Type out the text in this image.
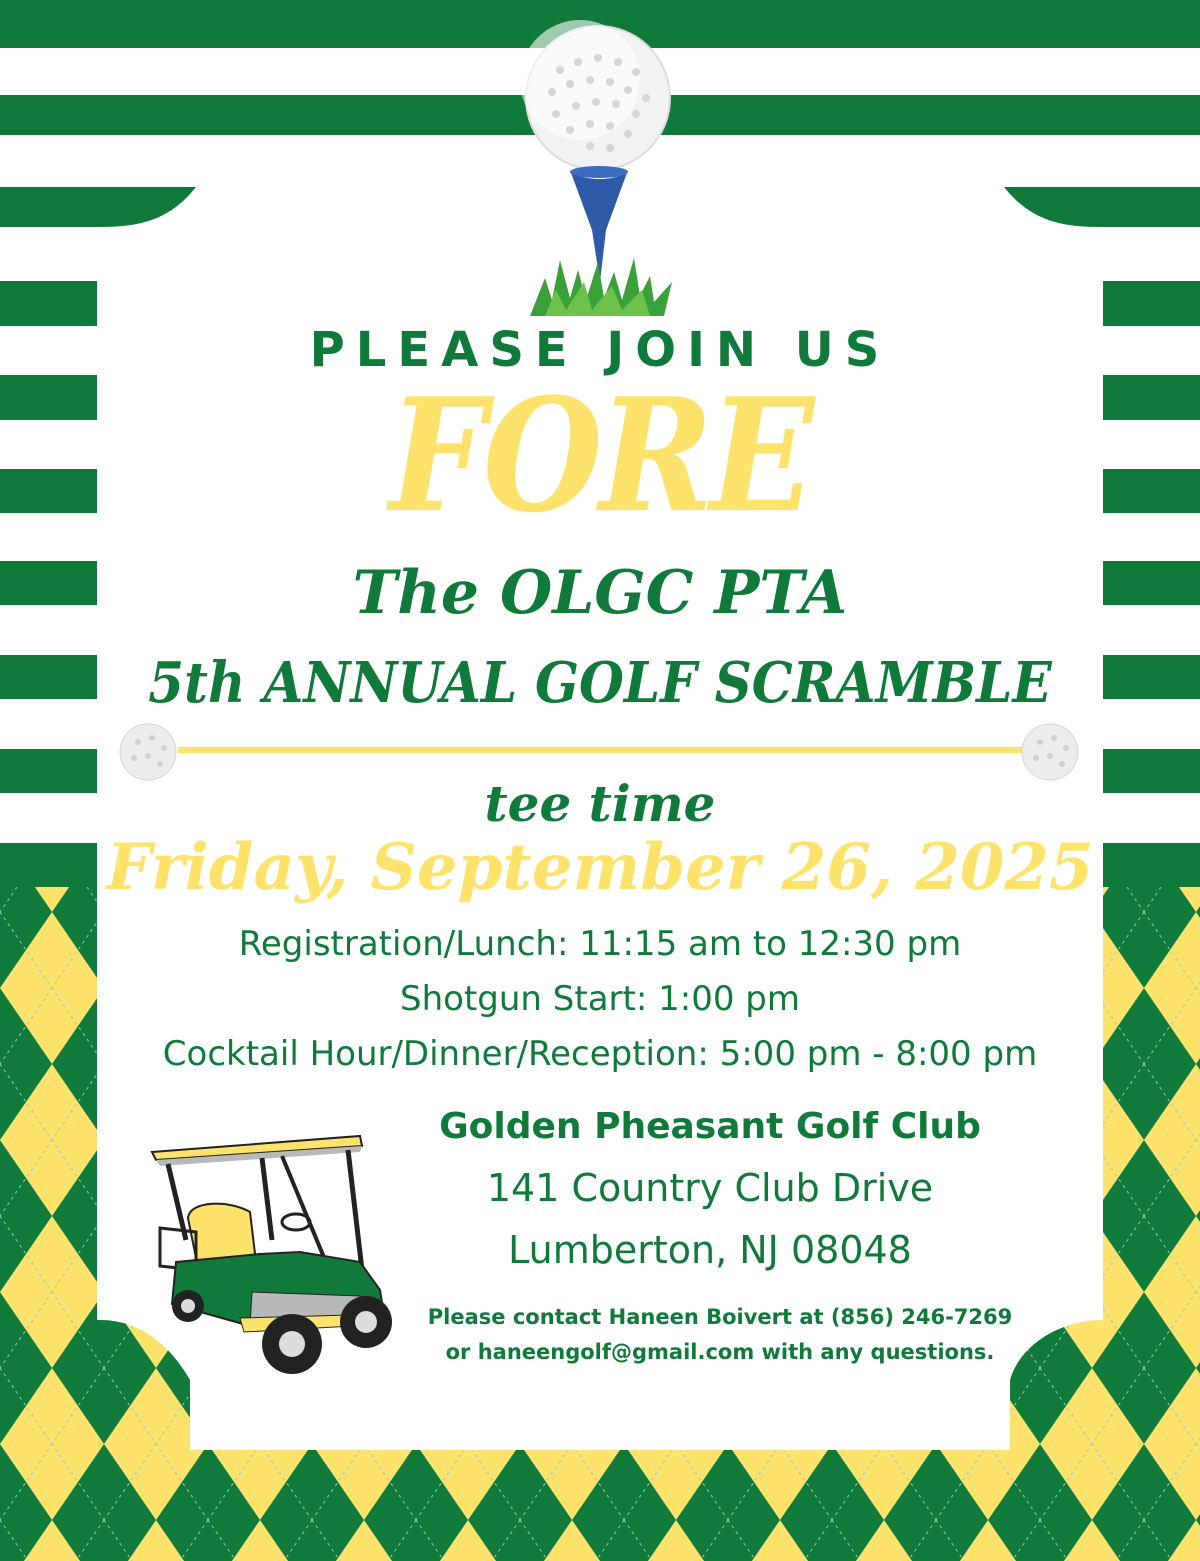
PLEASE JOIN US

FORE

The OLGC PTA

5th ANNUAL GOLF SCRAMBLE

tee time

Friday, September 26, 2025

Registration/Lunch: 11:15 am to 12:30 pm

Shotgun Start: 1:00 pm

Cocktail Hour/Dinner/Reception: 5:00 pm - 8:00 pm

Golden Pheasant Golf Club

141 Country Club Drive

Lumberton, NJ 08048

Please contact Haneen Boivert at (856) 246-7269

or haneengolf@gmail.com with any questions.
